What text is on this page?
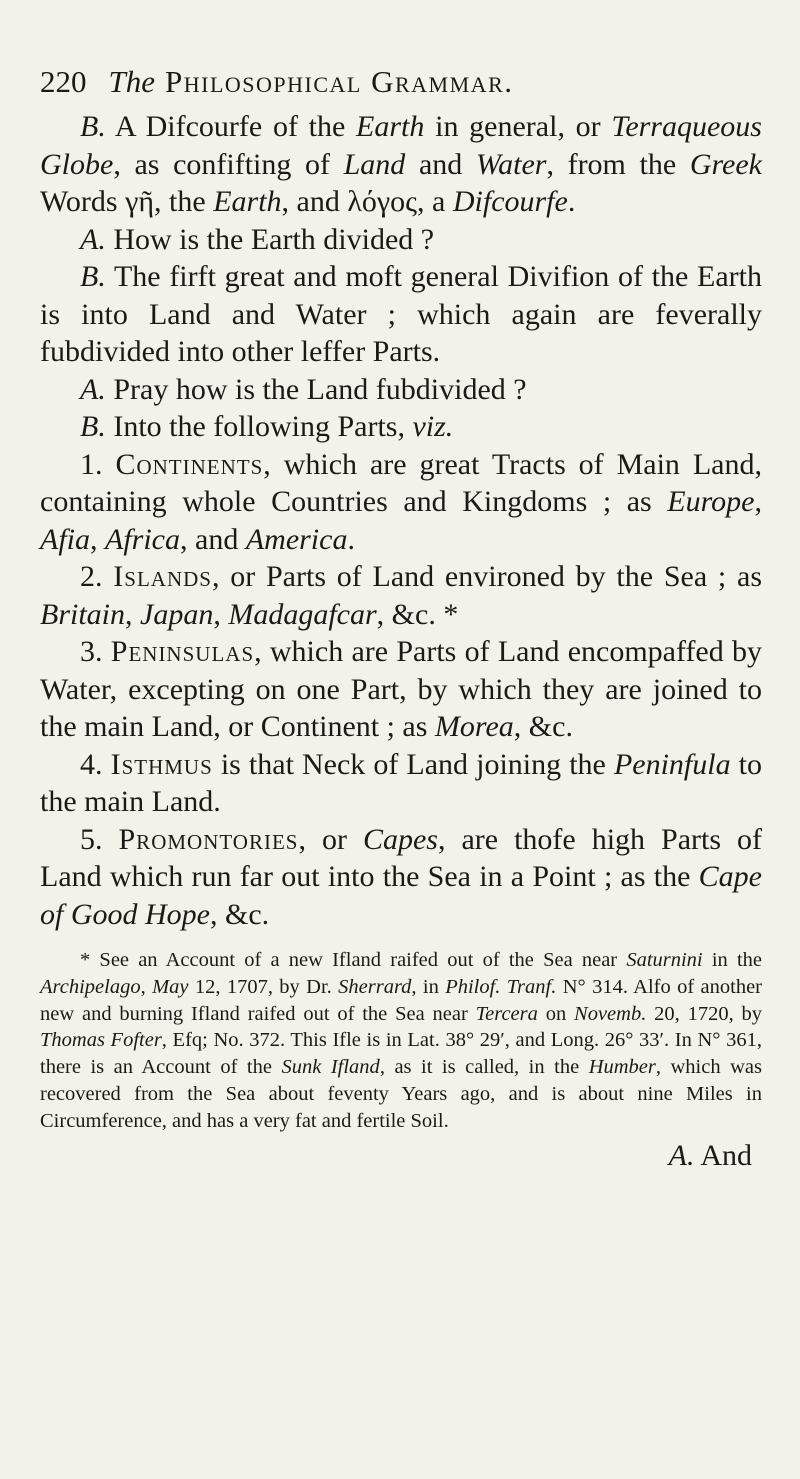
220 The Philosophical Grammar.

B. A Difcourfe of the Earth in general, or Terraqueous Globe, as confifting of Land and Water, from the Greek Words γῆ, the Earth, and λόγος, a Difcourfe.

A. How is the Earth divided ?

B. The firft great and moft general Divifion of the Earth is into Land and Water ; which again are feverally fubdivided into other leffer Parts.

A. Pray how is the Land fubdivided ?

B. Into the following Parts, viz.

1. Continents, which are great Tracts of Main Land, containing whole Countries and Kingdoms ; as Europe, Afia, Africa, and America.

2. Islands, or Parts of Land environed by the Sea ; as Britain, Japan, Madagafcar, &c. *

3. Peninsulas, which are Parts of Land encompaffed by Water, excepting on one Part, by which they are joined to the main Land, or Continent ; as Morea, &c.

4. Isthmus is that Neck of Land joining the Peninfula to the main Land.

5. Promontories, or Capes, are thofe high Parts of Land which run far out into the Sea in a Point ; as the Cape of Good Hope, &c.

* See an Account of a new Ifland raifed out of the Sea near Saturnini in the Archipelago, May 12, 1707, by Dr. Sherrard, in Philof. Tranf. N° 314. Alfo of another new and burning Ifland raifed out of the Sea near Tercera on Novemb. 20, 1720, by Thomas Fofter, Efq; No. 372. This Ifle is in Lat. 38° 29′, and Long. 26° 33′. In N° 361, there is an Account of the Sunk Ifland, as it is called, in the Humber, which was recovered from the Sea about feventy Years ago, and is about nine Miles in Circumference, and has a very fat and fertile Soil.

A. And
